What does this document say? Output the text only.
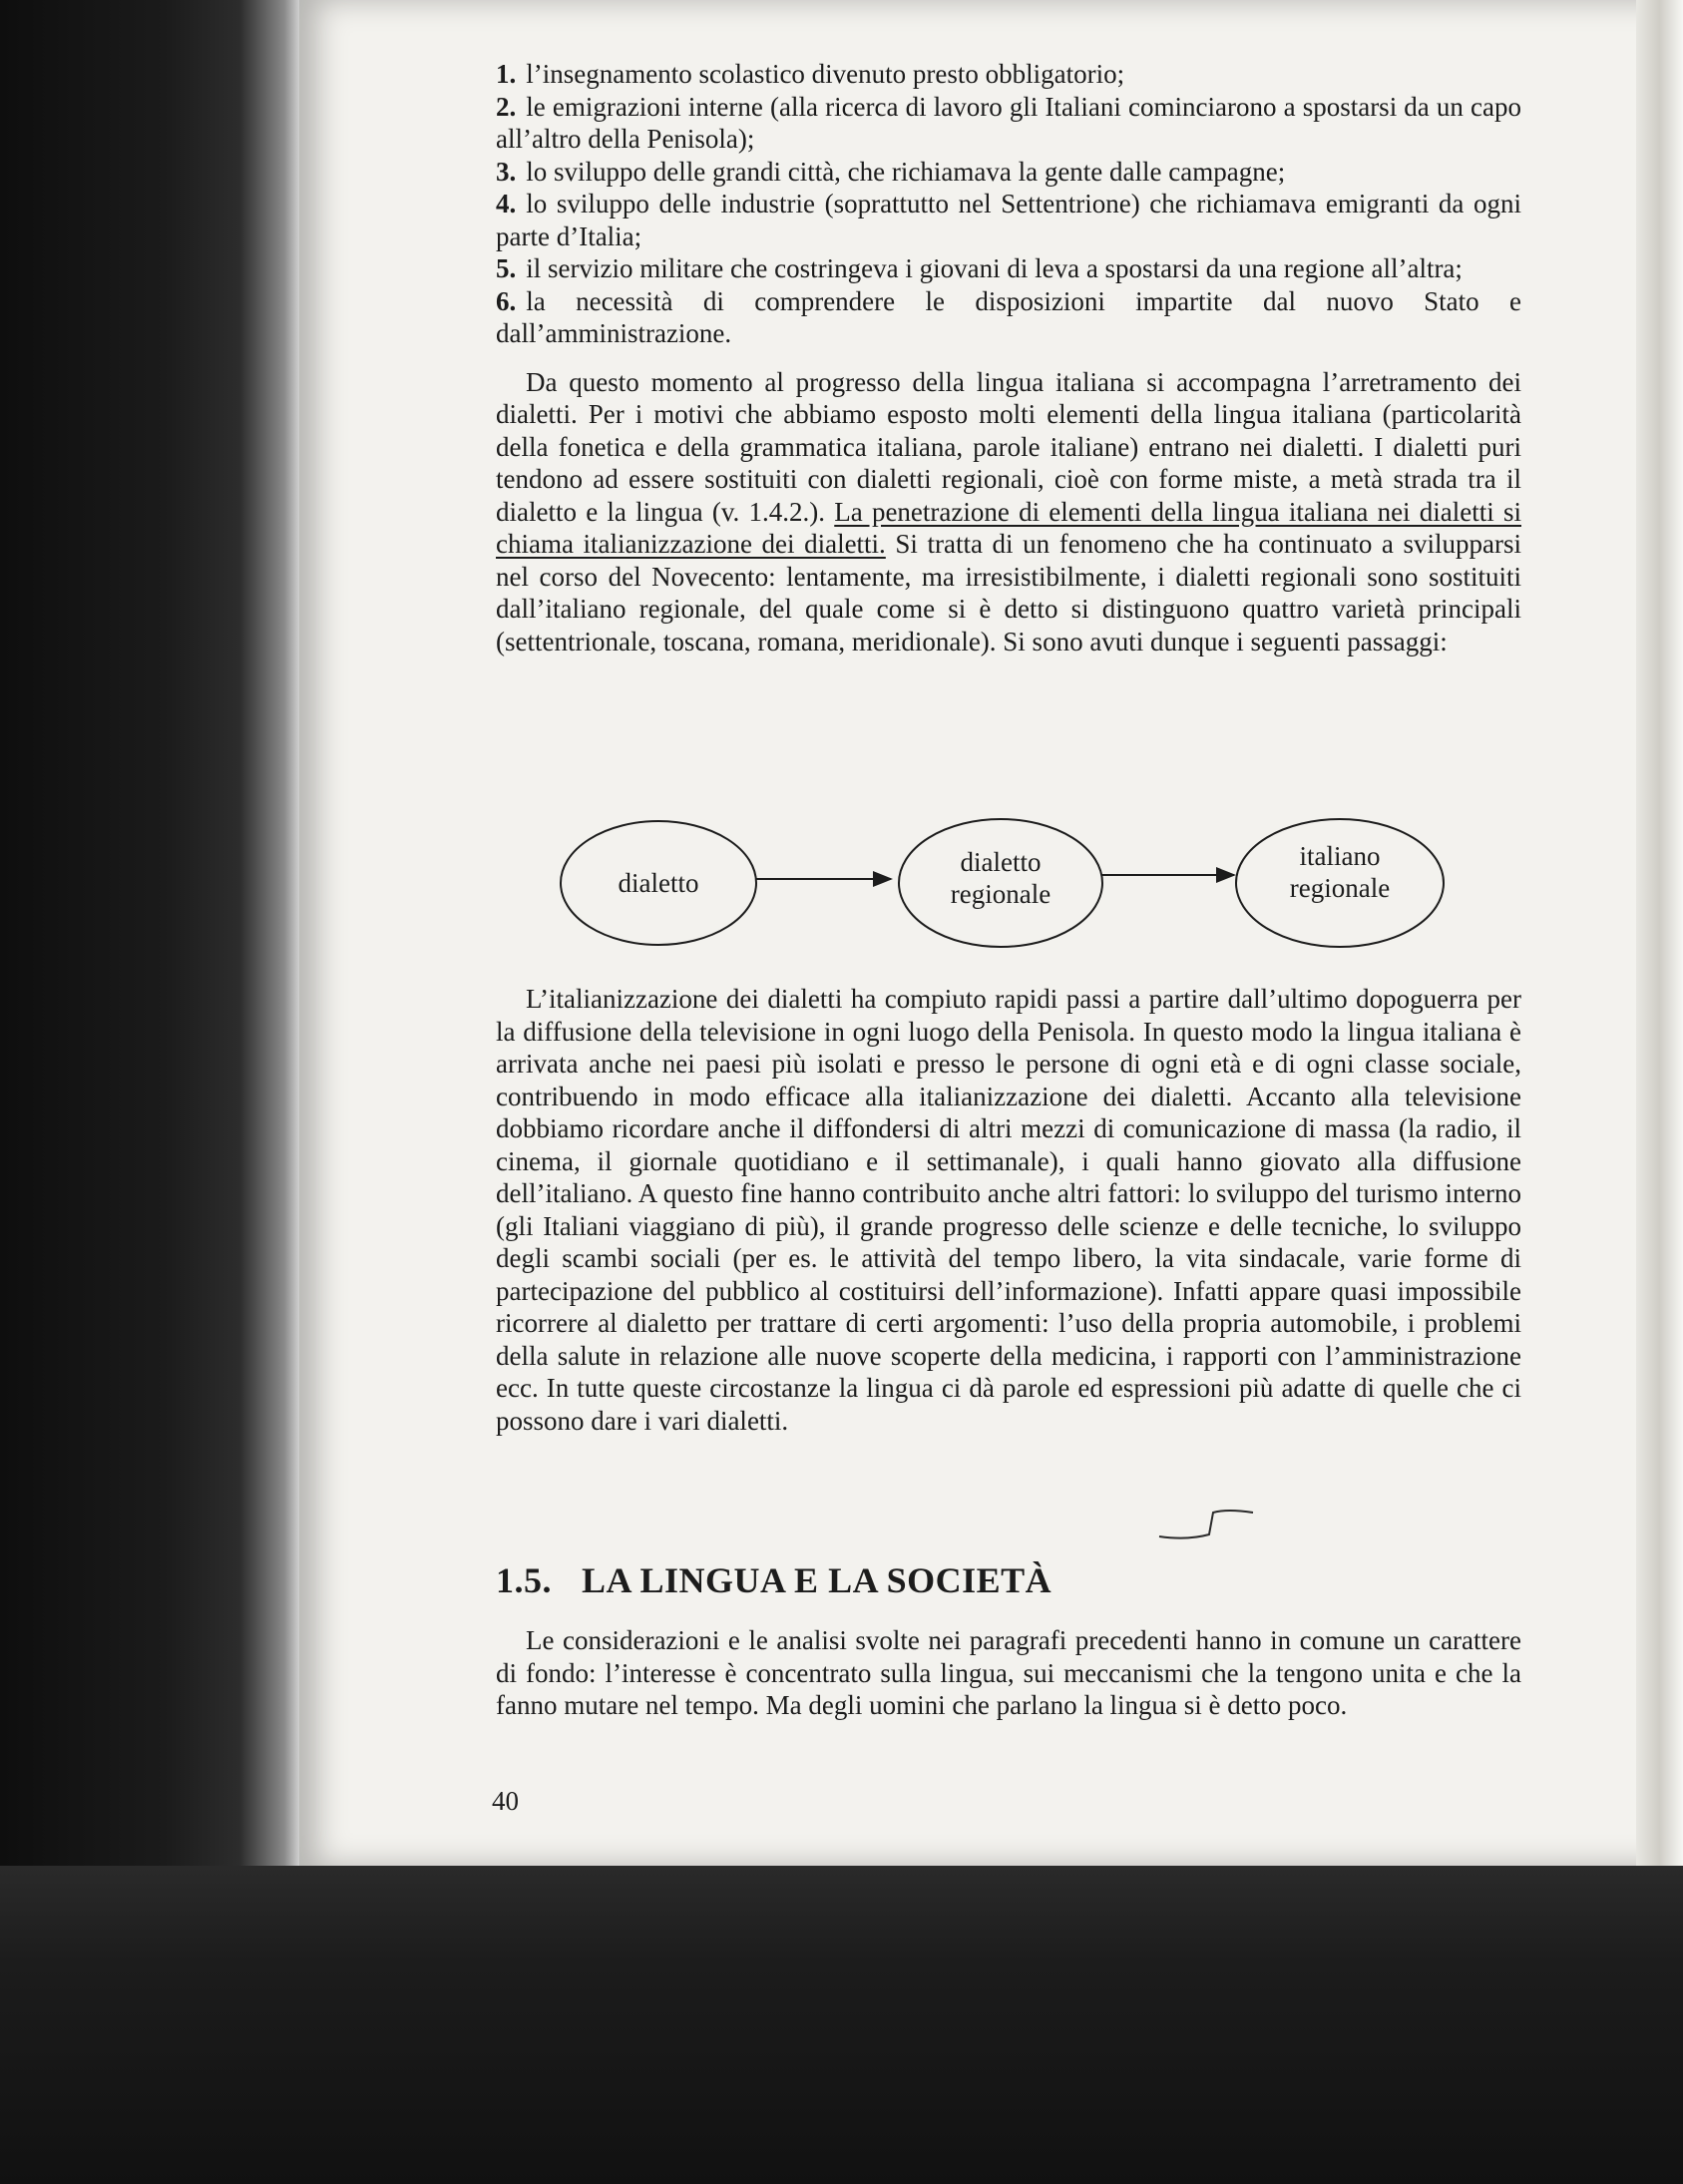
1. l’insegnamento scolastico divenuto presto obbligatorio;
2. le emigrazioni interne (alla ricerca di lavoro gli Italiani cominciarono a spostarsi da un capo all’altro della Penisola);
3. lo sviluppo delle grandi città, che richiamava la gente dalle campagne;
4. lo sviluppo delle industrie (soprattutto nel Settentrione) che richiamava emigranti da ogni parte d’Italia;
5. il servizio militare che costringeva i giovani di leva a spostarsi da una regione all’altra;
6. la necessità di comprendere le disposizioni impartite dal nuovo Stato e dall’amministrazione.

Da questo momento al progresso della lingua italiana si accompagna l’arretramento dei dialetti. Per i motivi che abbiamo esposto molti elementi della lingua italiana (particolarità della fonetica e della grammatica italiana, parole italiane) entrano nei dialetti. I dialetti puri tendono ad essere sostituiti con dialetti regionali, cioè con forme miste, a metà strada tra il dialetto e la lingua (v. 1.4.2.). La penetrazione di elementi della lingua italiana nei dialetti si chiama italianizzazione dei dialetti. Si tratta di un fenomeno che ha continuato a svilupparsi nel corso del Novecento: lentamente, ma irresistibilmente, i dialetti regionali sono sostituiti dall’italiano regionale, del quale come si è detto si distinguono quattro varietà principali (settentrionale, toscana, romana, meridionale). Si sono avuti dunque i seguenti passaggi:

dialetto
dialetto
regionale
italiano
regionale

L’italianizzazione dei dialetti ha compiuto rapidi passi a partire dall’ultimo dopoguerra per la diffusione della televisione in ogni luogo della Penisola. In questo modo la lingua italiana è arrivata anche nei paesi più isolati e presso le persone di ogni età e di ogni classe sociale, contribuendo in modo efficace alla italianizzazione dei dialetti. Accanto alla televisione dobbiamo ricordare anche il diffondersi di altri mezzi di comunicazione di massa (la radio, il cinema, il giornale quotidiano e il settimanale), i quali hanno giovato alla diffusione dell’italiano. A questo fine hanno contribuito anche altri fattori: lo sviluppo del turismo interno (gli Italiani viaggiano di più), il grande progresso delle scienze e delle tecniche, lo sviluppo degli scambi sociali (per es. le attività del tempo libero, la vita sindacale, varie forme di partecipazione del pubblico al costituirsi dell’informazione). Infatti appare quasi impossibile ricorrere al dialetto per trattare di certi argomenti: l’uso della propria automobile, i problemi della salute in relazione alle nuove scoperte della medicina, i rapporti con l’amministrazione ecc. In tutte queste circostanze la lingua ci dà parole ed espressioni più adatte di quelle che ci possono dare i vari dialetti.

1.5. LA LINGUA E LA SOCIETÀ

Le considerazioni e le analisi svolte nei paragrafi precedenti hanno in comune un carattere di fondo: l’interesse è concentrato sulla lingua, sui meccanismi che la tengono unita e che la fanno mutare nel tempo. Ma degli uomini che parlano la lingua si è detto poco.

40
